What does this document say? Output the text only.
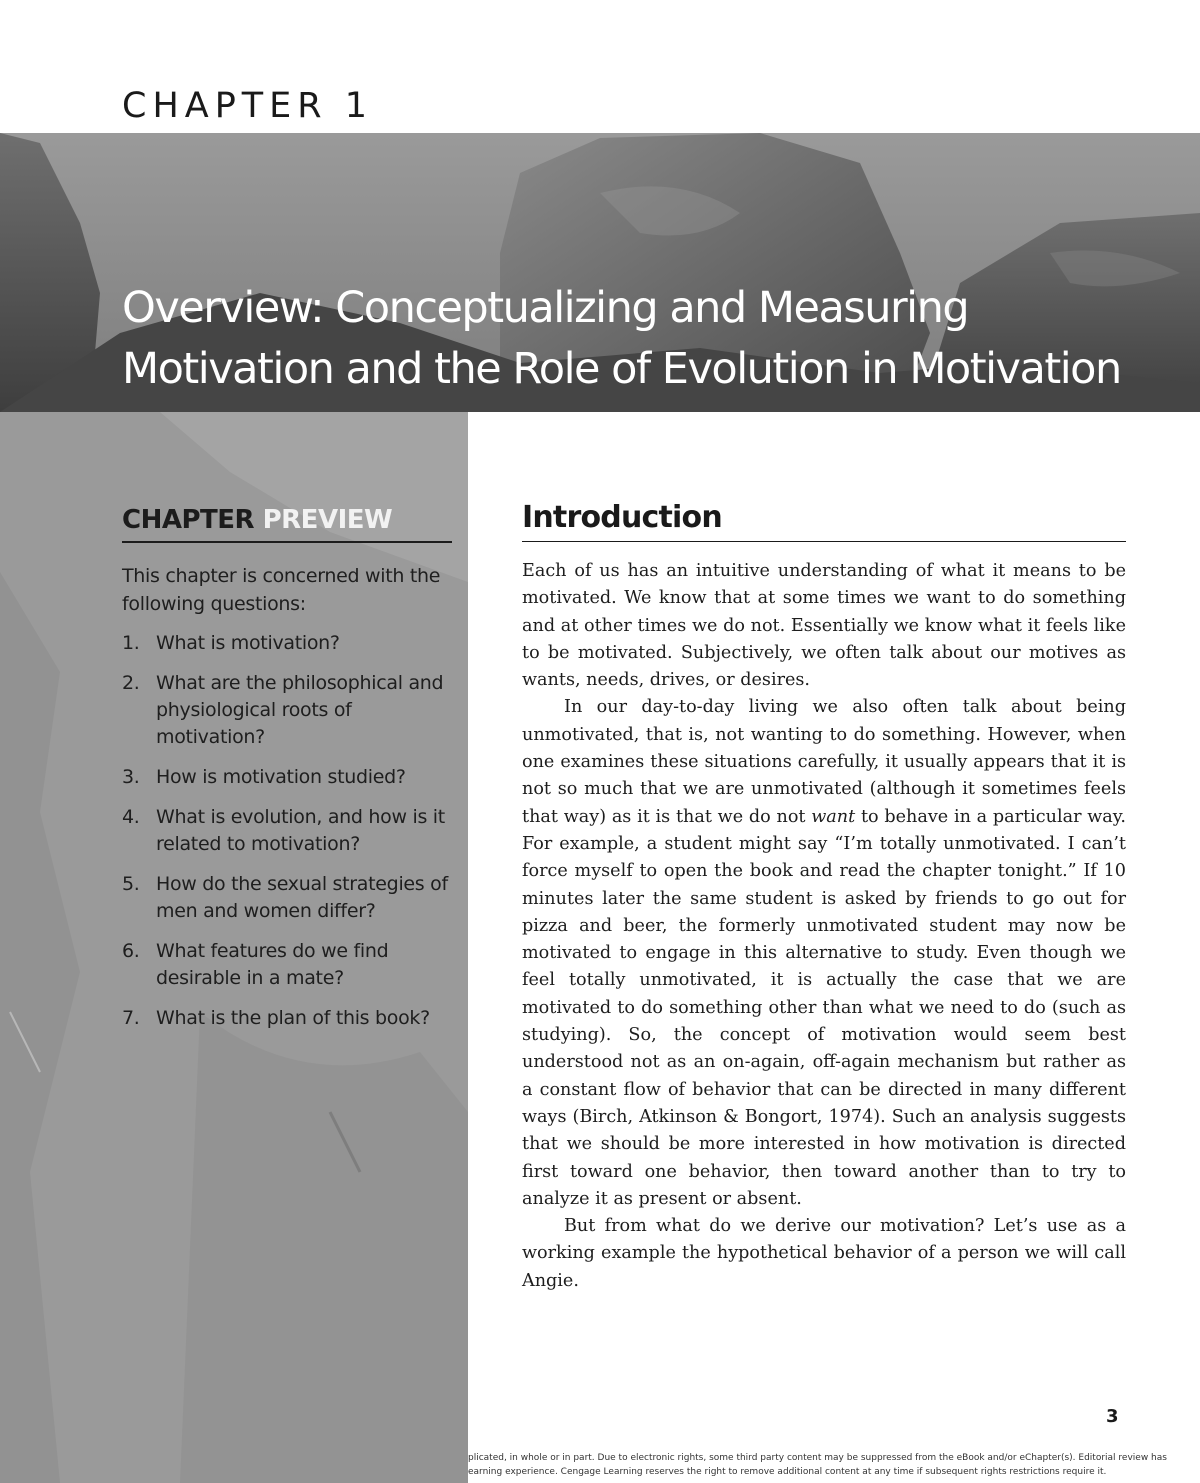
CHAPTER 1
Overview: Conceptualizing and Measuring Motivation and the Role of Evolution in Motivation
CHAPTER PREVIEW

This chapter is concerned with the following questions:

1. What is motivation?
2. What are the philosophical and physiological roots of motivation?
3. How is motivation studied?
4. What is evolution, and how is it related to motivation?
5. How do the sexual strategies of men and women differ?
6. What features do we find desirable in a mate?
7. What is the plan of this book?
Introduction

Each of us has an intuitive understanding of what it means to be motivated. We know that at some times we want to do something and at other times we do not. Essentially we know what it feels like to be motivated. Subjectively, we often talk about our motives as wants, needs, drives, or desires.

In our day-to-day living we also often talk about being unmotivated, that is, not wanting to do something. However, when one examines these situations carefully, it usually appears that it is not so much that we are unmotivated (although it sometimes feels that way) as it is that we do not want to behave in a particular way. For example, a student might say “I’m totally unmotivated. I can’t force myself to open the book and read the chapter tonight.” If 10 minutes later the same student is asked by friends to go out for pizza and beer, the formerly unmotivated student may now be motivated to engage in this alternative to study. Even though we feel totally unmotivated, it is actually the case that we are motivated to do something other than what we need to do (such as studying). So, the concept of motivation would seem best understood not as an on-again, off-again mechanism but rather as a constant flow of behavior that can be directed in many different ways (Birch, Atkinson & Bongort, 1974). Such an analysis suggests that we should be more interested in how motivation is directed first toward one behavior, then toward another than to try to analyze it as present or absent.

But from what do we derive our motivation? Let’s use as a working example the hypothetical behavior of a person we will call Angie.

3

plicated, in whole or in part. Due to electronic rights, some third party content may be suppressed from the eBook and/or eChapter(s). Editorial review has
earning experience. Cengage Learning reserves the right to remove additional content at any time if subsequent rights restrictions require it.
